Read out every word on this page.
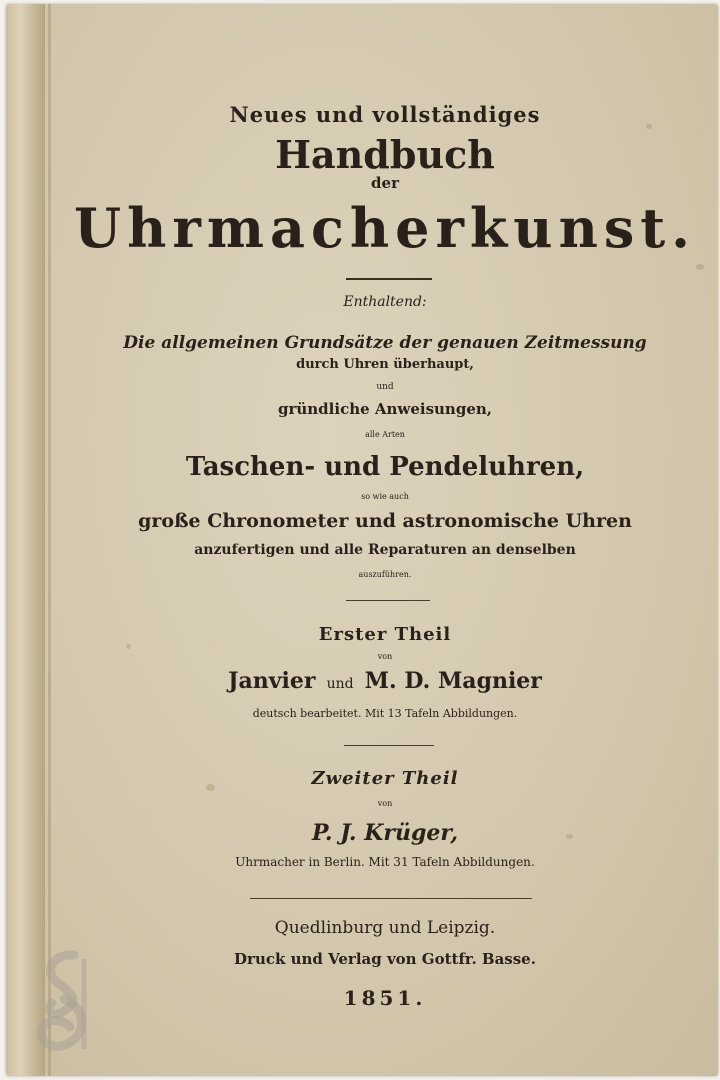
Neues und vollständiges
Handbuch
der
Uhrmacherkunst.
Enthaltend:
Die allgemeinen Grundsätze der genauen Zeitmessung
durch Uhren überhaupt,
und
gründliche Anweisungen,
alle Arten
Taschen- und Pendeluhren,
so wie auch
große Chronometer und astronomische Uhren
anzufertigen und alle Reparaturen an denselben
auszuführen.
Erster Theil
von
Janvier und M. D. Magnier
deutsch bearbeitet. Mit 13 Tafeln Abbildungen.
Zweiter Theil
von
P. J. Krüger,
Uhrmacher in Berlin. Mit 31 Tafeln Abbildungen.
Quedlinburg und Leipzig.
Druck und Verlag von Gottfr. Basse.
1851.
